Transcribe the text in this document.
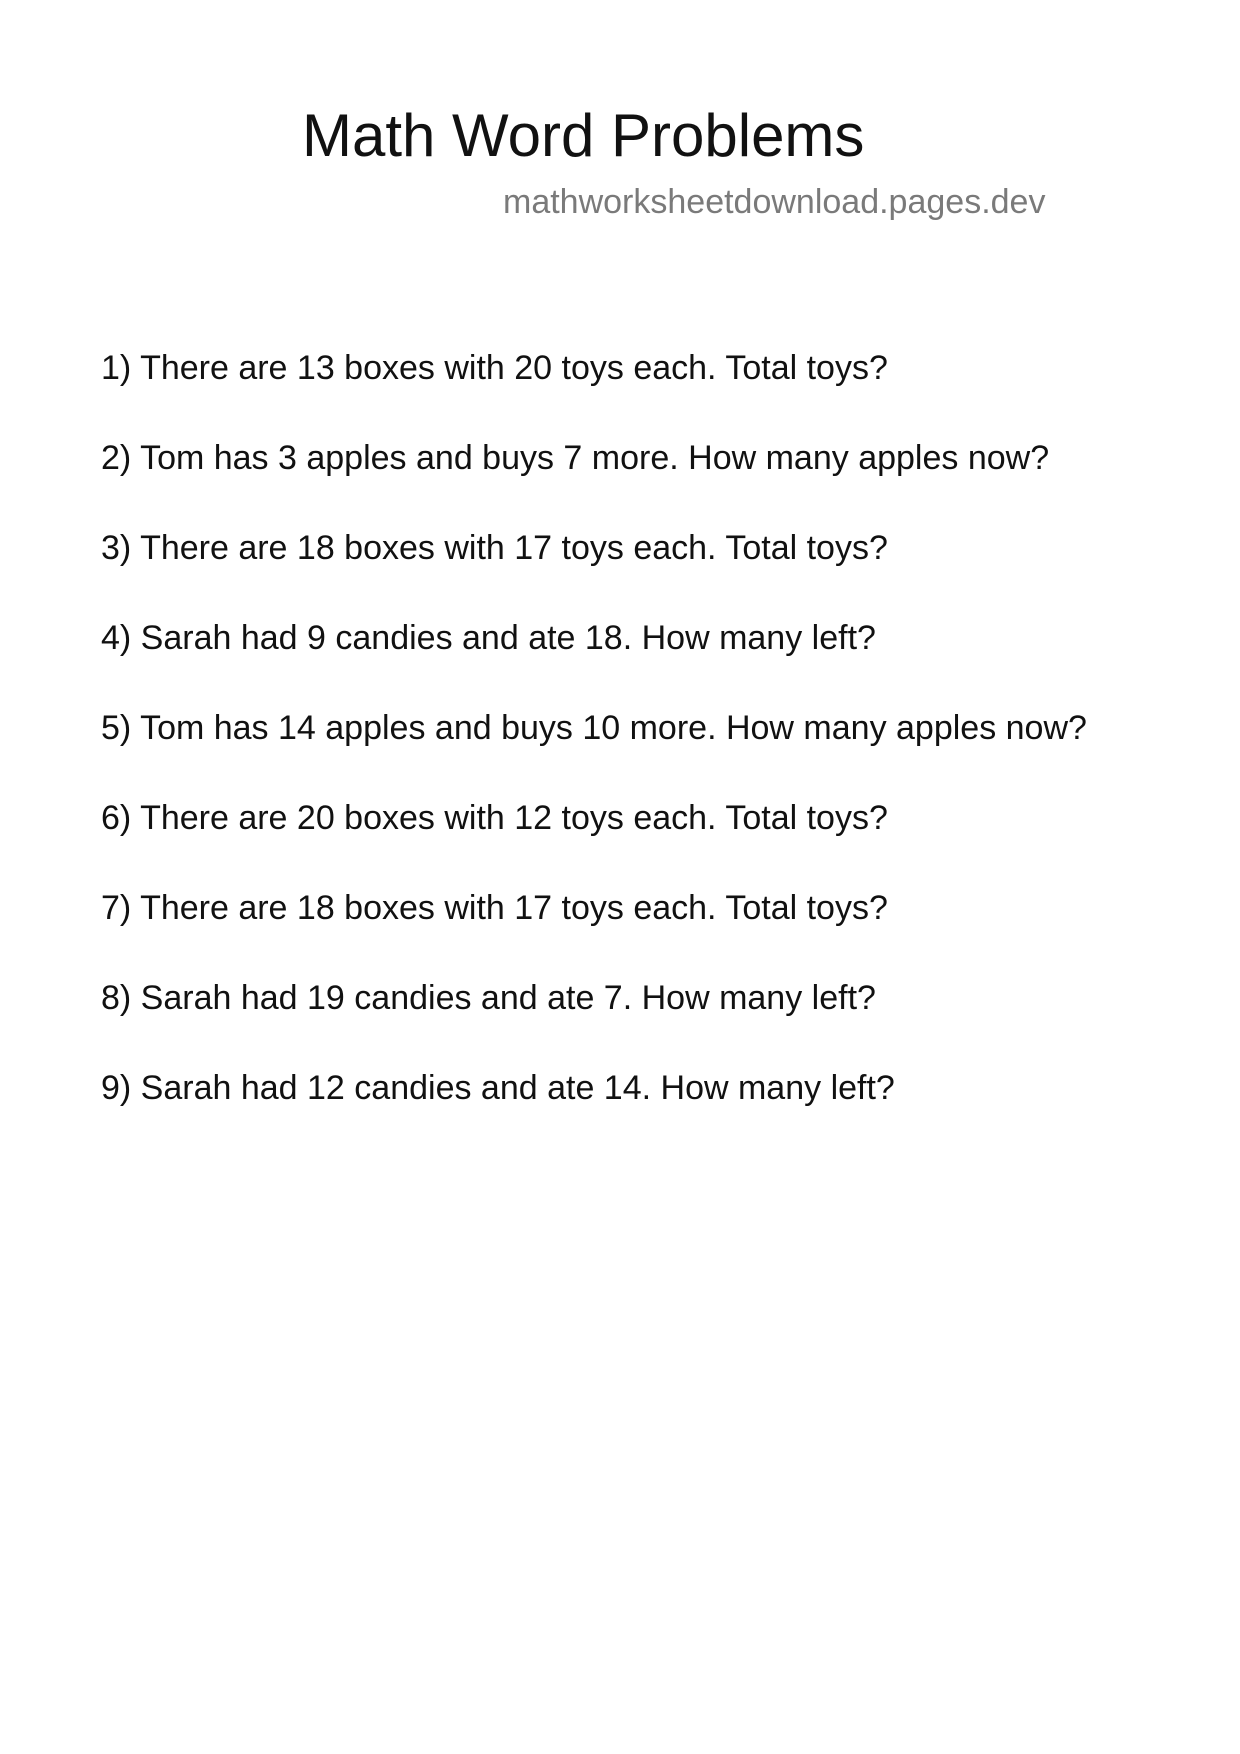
Math Word Problems
mathworksheetdownload.pages.dev
1) There are 13 boxes with 20 toys each. Total toys?
2) Tom has 3 apples and buys 7 more. How many apples now?
3) There are 18 boxes with 17 toys each. Total toys?
4) Sarah had 9 candies and ate 18. How many left?
5) Tom has 14 apples and buys 10 more. How many apples now?
6) There are 20 boxes with 12 toys each. Total toys?
7) There are 18 boxes with 17 toys each. Total toys?
8) Sarah had 19 candies and ate 7. How many left?
9) Sarah had 12 candies and ate 14. How many left?
